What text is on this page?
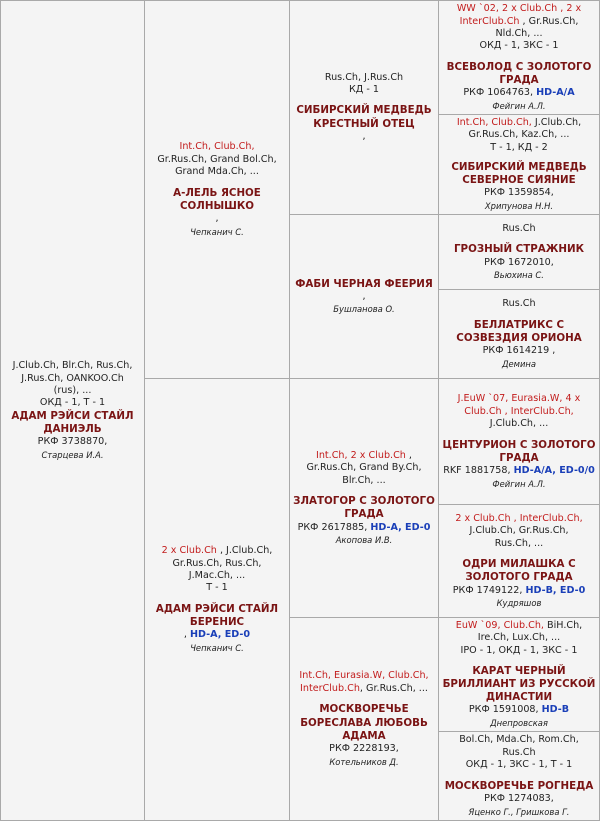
J.Club.Ch, Blr.Ch, Rus.Ch,
J.Rus.Ch, OANKOO.Ch
(rus), ...
ОКД - 1, Т - 1
АДАМ РЭЙСИ СТАЙЛ ДАНИЭЛЬ
РКФ 3738870,
Старцева И.А.
Int.Ch, Club.Ch,
Gr.Rus.Ch, Grand Bol.Ch,
Grand Mda.Ch, ...
А-ЛЕЛЬ ЯСНОЕ СОЛНЫШКО
,
Чепканич С.
2 x Club.Ch , J.Club.Ch,
Gr.Rus.Ch, Rus.Ch,
J.Mac.Ch, ...
Т - 1
АДАМ РЭЙСИ СТАЙЛ БЕРЕНИС
, HD-A, ED-0
Чепканич С.
Rus.Ch, J.Rus.Ch
КД - 1
СИБИРСКИЙ МЕДВЕДЬ КРЕСТНЫЙ ОТЕЦ
,
ФАБИ ЧЕРНАЯ ФЕЕРИЯ
,
Бушланова О.
Int.Ch, 2 x Club.Ch ,
Gr.Rus.Ch, Grand By.Ch,
Blr.Ch, ...
ЗЛАТОГОР С ЗОЛОТОГО ГРАДА
РКФ 2617885, HD-A, ED-0
Акопова И.В.
Int.Ch, Eurasia.W, Club.Ch,
InterClub.Ch, Gr.Rus.Ch, ...
МОСКВОРЕЧЬЕ БОРЕСЛАВА ЛЮБОВЬ АДАМА
РКФ 2228193,
Котельников Д.
WW `02, 2 x Club.Ch , 2 x
InterClub.Ch , Gr.Rus.Ch,
Nld.Ch, ...
ОКД - 1, ЗКС - 1
ВСЕВОЛОД С ЗОЛОТОГО ГРАДА
РКФ 1064763, HD-A/A
Фейгин А.Л.
Int.Ch, Club.Ch, J.Club.Ch,
Gr.Rus.Ch, Kaz.Ch, ...
Т - 1, КД - 2
СИБИРСКИЙ МЕДВЕДЬ СЕВЕРНОЕ СИЯНИЕ
РКФ 1359854,
Хрипунова Н.Н.
Rus.Ch
ГРОЗНЫЙ СТРАЖНИК
РКФ 1672010,
Вьюхина С.
Rus.Ch
БЕЛЛАТРИКС С СОЗВЕЗДИЯ ОРИОНА
РКФ 1614219 ,
Демина
J.EuW `07, Eurasia.W, 4 x
Club.Ch , InterClub.Ch,
J.Club.Ch, ...
ЦЕНТУРИОН С ЗОЛОТОГО ГРАДА
RKF 1881758, HD-A/A, ED-0/0
Фейгин А.Л.
2 x Club.Ch , InterClub.Ch,
J.Club.Ch, Gr.Rus.Ch,
Rus.Ch, ...
ОДРИ МИЛАШКА С ЗОЛОТОГО ГРАДА
РКФ 1749122, HD-B, ED-0
Кудряшов
EuW `09, Club.Ch, BiH.Ch,
Ire.Ch, Lux.Ch, ...
IPO - 1, ОКД - 1, ЗКС - 1
КАРАТ ЧЕРНЫЙ БРИЛЛИАНТ ИЗ РУССКОЙ ДИНАСТИИ
РКФ 1591008, HD-B
Днепровская
Bol.Ch, Mda.Ch, Rom.Ch,
Rus.Ch
ОКД - 1, ЗКС - 1, Т - 1
МОСКВОРЕЧЬЕ РОГНЕДА
РКФ 1274083,
Яценко Г., Гришкова Г.
